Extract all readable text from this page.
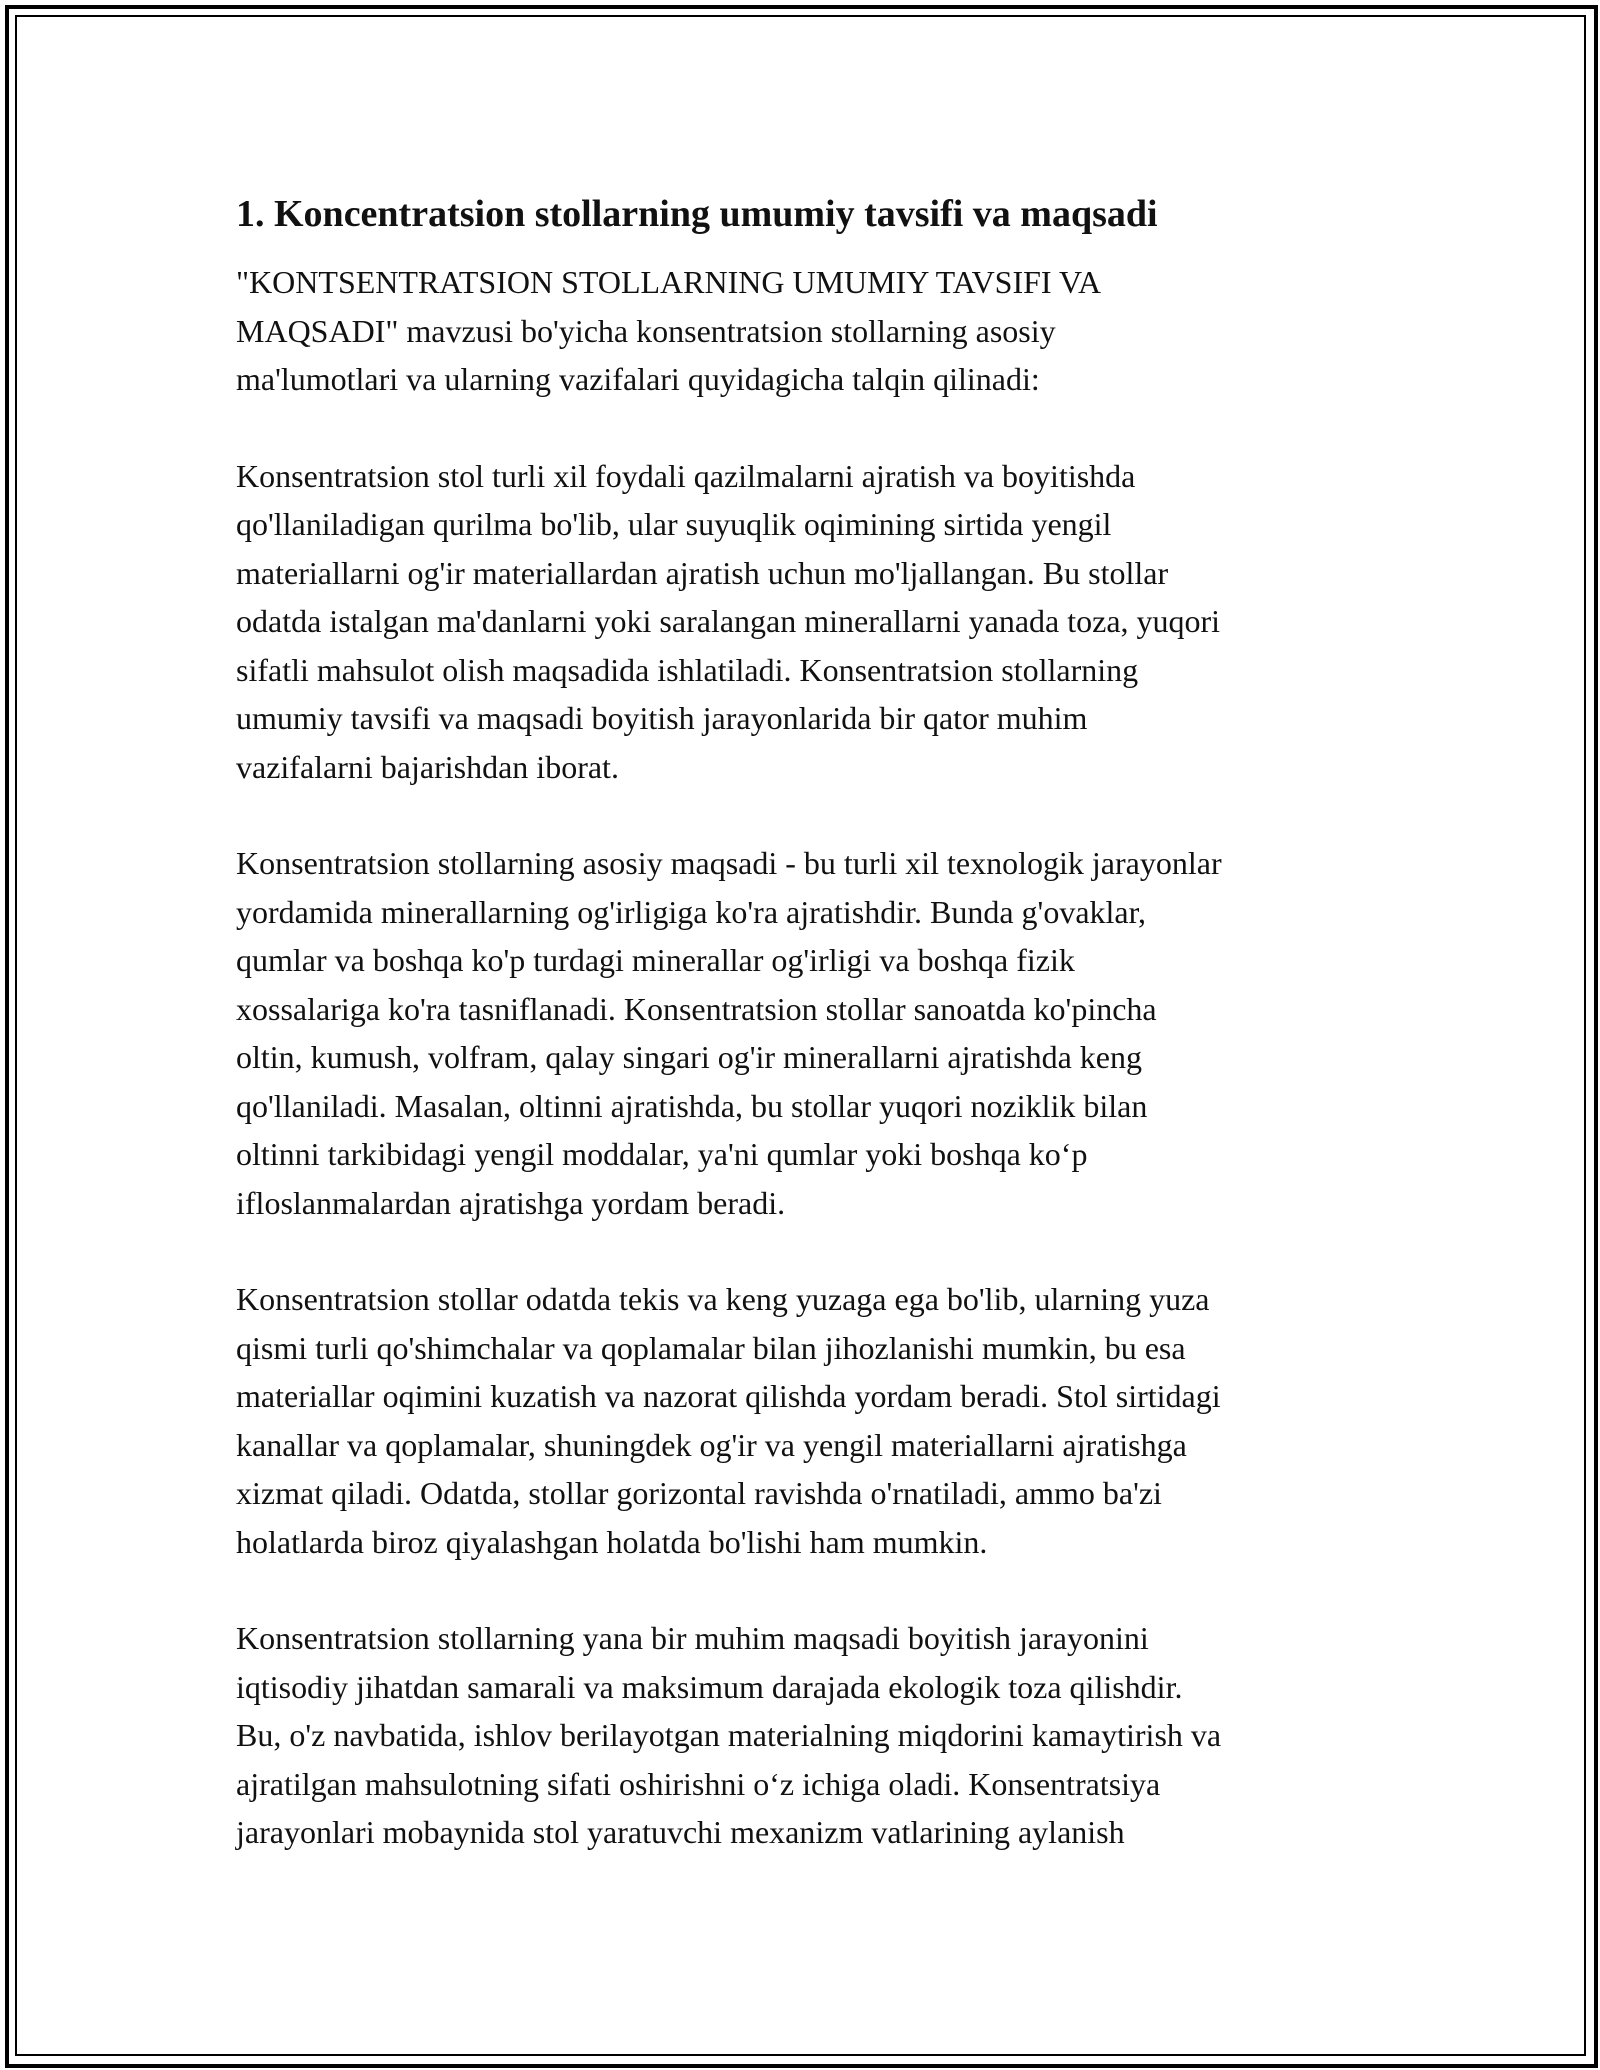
1. Koncentratsion stollarning umumiy tavsifi va maqsadi

"KONTSENTRATSION STOLLARNING UMUMIY TAVSIFI VA
MAQSADI" mavzusi bo'yicha konsentratsion stollarning asosiy
ma'lumotlari va ularning vazifalari quyidagicha talqin qilinadi:

Konsentratsion stol turli xil foydali qazilmalarni ajratish va boyitishda
qo'llaniladigan qurilma bo'lib, ular suyuqlik oqimining sirtida yengil
materiallarni og'ir materiallardan ajratish uchun mo'ljallangan. Bu stollar
odatda istalgan ma'danlarni yoki saralangan minerallarni yanada toza, yuqori
sifatli mahsulot olish maqsadida ishlatiladi. Konsentratsion stollarning
umumiy tavsifi va maqsadi boyitish jarayonlarida bir qator muhim
vazifalarni bajarishdan iborat.

Konsentratsion stollarning asosiy maqsadi - bu turli xil texnologik jarayonlar
yordamida minerallarning og'irligiga ko'ra ajratishdir. Bunda g'ovaklar,
qumlar va boshqa ko'p turdagi minerallar og'irligi va boshqa fizik
xossalariga ko'ra tasniflanadi. Konsentratsion stollar sanoatda ko'pincha
oltin, kumush, volfram, qalay singari og'ir minerallarni ajratishda keng
qo'llaniladi. Masalan, oltinni ajratishda, bu stollar yuqori noziklik bilan
oltinni tarkibidagi yengil moddalar, ya'ni qumlar yoki boshqa ko‘p
ifloslanmalardan ajratishga yordam beradi.

Konsentratsion stollar odatda tekis va keng yuzaga ega bo'lib, ularning yuza
qismi turli qo'shimchalar va qoplamalar bilan jihozlanishi mumkin, bu esa
materiallar oqimini kuzatish va nazorat qilishda yordam beradi. Stol sirtidagi
kanallar va qoplamalar, shuningdek og'ir va yengil materiallarni ajratishga
xizmat qiladi. Odatda, stollar gorizontal ravishda o'rnatiladi, ammo ba'zi
holatlarda biroz qiyalashgan holatda bo'lishi ham mumkin.

Konsentratsion stollarning yana bir muhim maqsadi boyitish jarayonini
iqtisodiy jihatdan samarali va maksimum darajada ekologik toza qilishdir.
Bu, o'z navbatida, ishlov berilayotgan materialning miqdorini kamaytirish va
ajratilgan mahsulotning sifati oshirishni o‘z ichiga oladi. Konsentratsiya
jarayonlari mobaynida stol yaratuvchi mexanizm vatlarining aylanish
